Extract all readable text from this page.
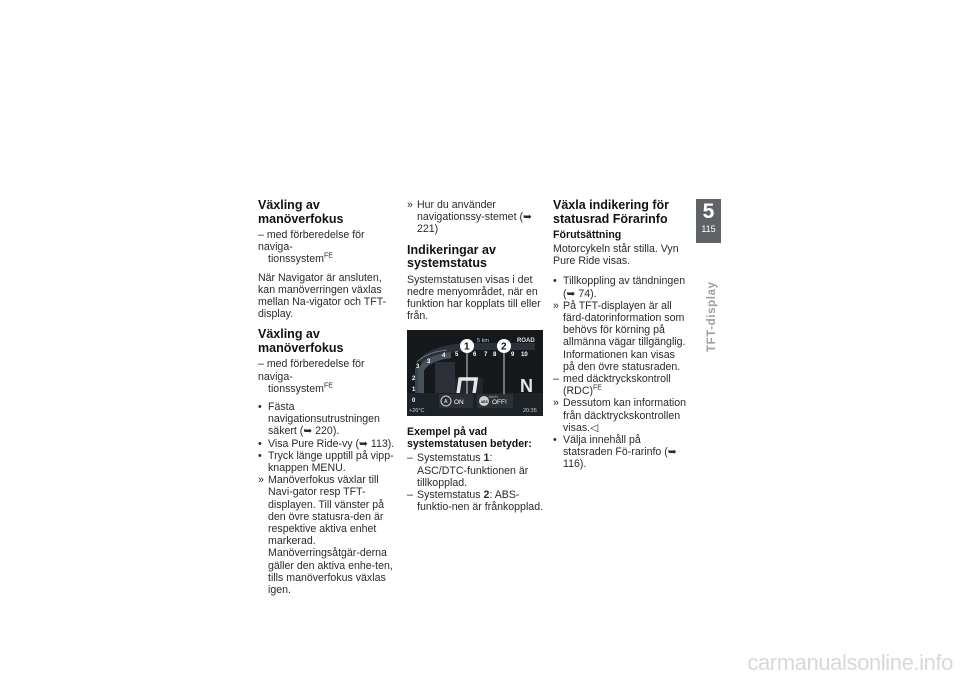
Växling av manöverfokus
– med förberedelse för naviga-
tionssystem$^{FE}$

När Navigator är ansluten, kan manöverringen växlas mellan Na-vigator och TFT-display.

Växling av manöverfokus
– med förberedelse för naviga-
tionssystem$^{FE}$
• Fästa navigationsutrustningen säkert (➥ 220).
• Visa Pure Ride-vy (➥ 113).
• Tryck länge upptill på vipp-knappen MENU.
» Manöverfokus växlar till Navi-gator resp TFT-displayen. Till vänster på den övre statusra-den är respektive aktiva enhet markerad. Manöverringsåtgär-derna gäller den aktiva enhe-ten, tills manöverfokus växlas igen.
» Hur du använder navigationssy-stemet (➥ 221)
Indikeringar av systemstatus

Systemstatusen visas i det nedre menyområdet, när en funktion har kopplats till eller från.

3
4 5 6 7 8 9 10
3
2
1
0
5 km	ROAD
N
km/h
+26°C	20:35
A	ABS
ON	OFF!
1	2
Exempel på vad systemstatusen betyder:
– Systemstatus 1: ASC/DTC-funktionen är tillkopplad.
– Systemstatus 2: ABS-funktio-nen är frånkopplad.
Växla indikering för statusrad Förarinfo
Förutsättning

Motorcykeln står stilla. Vyn Pure Ride visas.

• Tillkoppling av tändningen (➥ 74).
» På TFT-displayen är all färd-datorinformation som behövs för körning på allmänna vägar tillgänglig. Informationen kan visas på den övre statusraden.
– med däcktryckskontroll (RDC)$^{FE}$
» Dessutom kan information från däcktryckskontrollen visas.◁
• Välja innehåll på statsraden Fö-rarinfo (➥ 116).
5
115
TFT-display
carmanualsonline.info
